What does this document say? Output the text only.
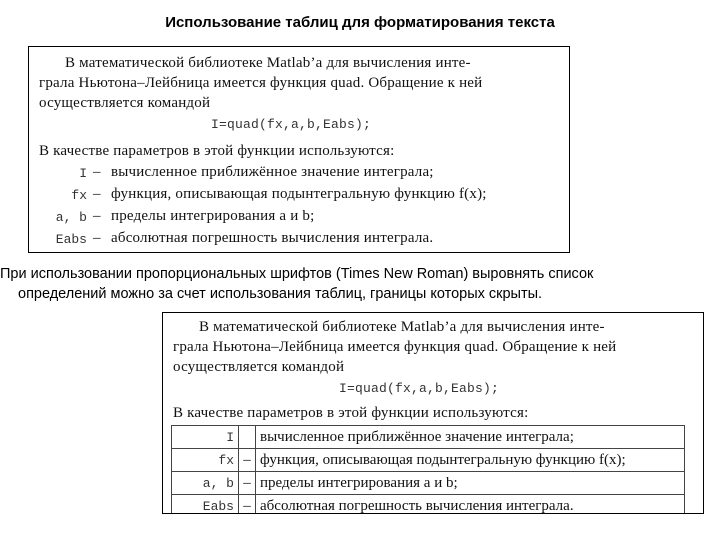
Использование таблиц для форматирования текста
В математической библиотеке Matlab’a для вычисления инте-
грала Ньютона–Лейбница имеется функция quad. Обращение к ней
осуществляется командой
I=quad(fx,a,b,Eabs);
В качестве параметров в этой функции используются:
I – вычисленное приближённое значение интеграла;
fx – функция, описывающая подынтегральную функцию f(x);
a, b – пределы интегрирования a и b;
Eabs – абсолютная погрешность вычисления интеграла.
При использовании пропорциональных шрифтов (Times New Roman) выровнять список
определений можно за счет использования таблиц, границы которых скрыты.
В математической библиотеке Matlab’a для вычисления инте-
грала Ньютона–Лейбница имеется функция quad. Обращение к ней
осуществляется командой
I=quad(fx,a,b,Eabs);
В качестве параметров в этой функции используются:
I		вычисленное приближённое значение интеграла;
fx	–	функция, описывающая подынтегральную функцию f(x);
a, b	–	пределы интегрирования a и b;
Eabs	–	абсолютная погрешность вычисления интеграла.
